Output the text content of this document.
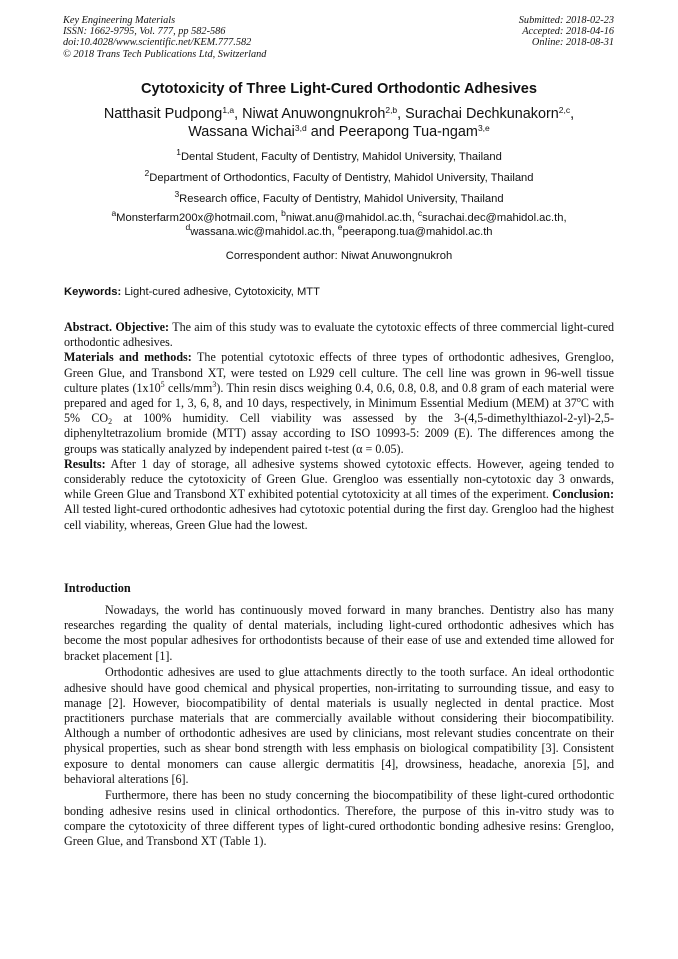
Key Engineering Materials
ISSN: 1662-9795, Vol. 777, pp 582-586
doi:10.4028/www.scientific.net/KEM.777.582
© 2018 Trans Tech Publications Ltd, Switzerland
Submitted: 2018-02-23
Accepted: 2018-04-16
Online: 2018-08-31
Cytotoxicity of Three Light-Cured Orthodontic Adhesives
Natthasit Pudpong$^{1,a}$, Niwat Anuwongnukroh$^{2,b}$, Surachai Dechkunakorn$^{2,c}$,
Wassana Wichai$^{3,d}$ and Peerapong Tua-ngam$^{3,e}$
$^1$Dental Student, Faculty of Dentistry, Mahidol University, Thailand
$^2$Department of Orthodontics, Faculty of Dentistry, Mahidol University, Thailand
$^3$Research office, Faculty of Dentistry, Mahidol University, Thailand
$^a$Monsterfarm200x@hotmail.com, $^b$niwat.anu@mahidol.ac.th, $^c$surachai.dec@mahidol.ac.th,
$^d$wassana.wic@mahidol.ac.th, $^e$peerapong.tua@mahidol.ac.th
Correspondent author: Niwat Anuwongnukroh
Keywords: Light-cured adhesive, Cytotoxicity, MTT

Abstract. Objective: The aim of this study was to evaluate the cytotoxic effects of three commercial light-cured orthodontic adhesives.

Materials and methods: The potential cytotoxic effects of three types of orthodontic adhesives, Grengloo, Green Glue, and Transbond XT, were tested on L929 cell culture. The cell line was grown in 96-well tissue culture plates ($1x10^5$ cells/$mm^3$). Thin resin discs weighing 0.4, 0.6, 0.8, 0.8, and 0.8 gram of each material were prepared and aged for 1, 3, 6, 8, and 10 days, respectively, in Minimum Essential Medium (MEM) at 37$^o$C with 5% $CO_2$ at 100% humidity. Cell viability was assessed by the 3-(4,5-dimethylthiazol-2-yl)-2,5-diphenyltetrazolium bromide (MTT) assay according to ISO 10993-5: 2009 (E). The differences among the groups was statically analyzed by independent paired t-test (α = 0.05).

Results: After 1 day of storage, all adhesive systems showed cytotoxic effects. However, ageing tended to considerably reduce the cytotoxicity of Green Glue. Grengloo was essentially non-cytotoxic day 3 onwards, while Green Glue and Transbond XT exhibited potential cytotoxicity at all times of the experiment. Conclusion: All tested light-cured orthodontic adhesives had cytotoxic potential during the first day. Grengloo had the highest cell viability, whereas, Green Glue had the lowest.

Introduction

Nowadays, the world has continuously moved forward in many branches. Dentistry also has many researches regarding the quality of dental materials, including light-cured orthodontic adhesives which has become the most popular adhesives for orthodontists because of their ease of use and extended time allowed for bracket placement [1].

Orthodontic adhesives are used to glue attachments directly to the tooth surface. An ideal orthodontic adhesive should have good chemical and physical properties, non-irritating to surrounding tissue, and easy to manage [2]. However, biocompatibility of dental materials is usually neglected in dental practice. Most practitioners purchase materials that are commercially available without considering their biocompatibility. Although a number of orthodontic adhesives are used by clinicians, most relevant studies concentrate on their physical properties, such as shear bond strength with less emphasis on biological compatibility [3]. Consistent exposure to dental monomers can cause allergic dermatitis [4], drowsiness, headache, anorexia [5], and behavioral alterations [6].

Furthermore, there has been no study concerning the biocompatibility of these light-cured orthodontic bonding adhesive resins used in clinical orthodontics. Therefore, the purpose of this in-vitro study was to compare the cytotoxicity of three different types of light-cured orthodontic bonding adhesive resins: Grengloo, Green Glue, and Transbond XT (Table 1).
